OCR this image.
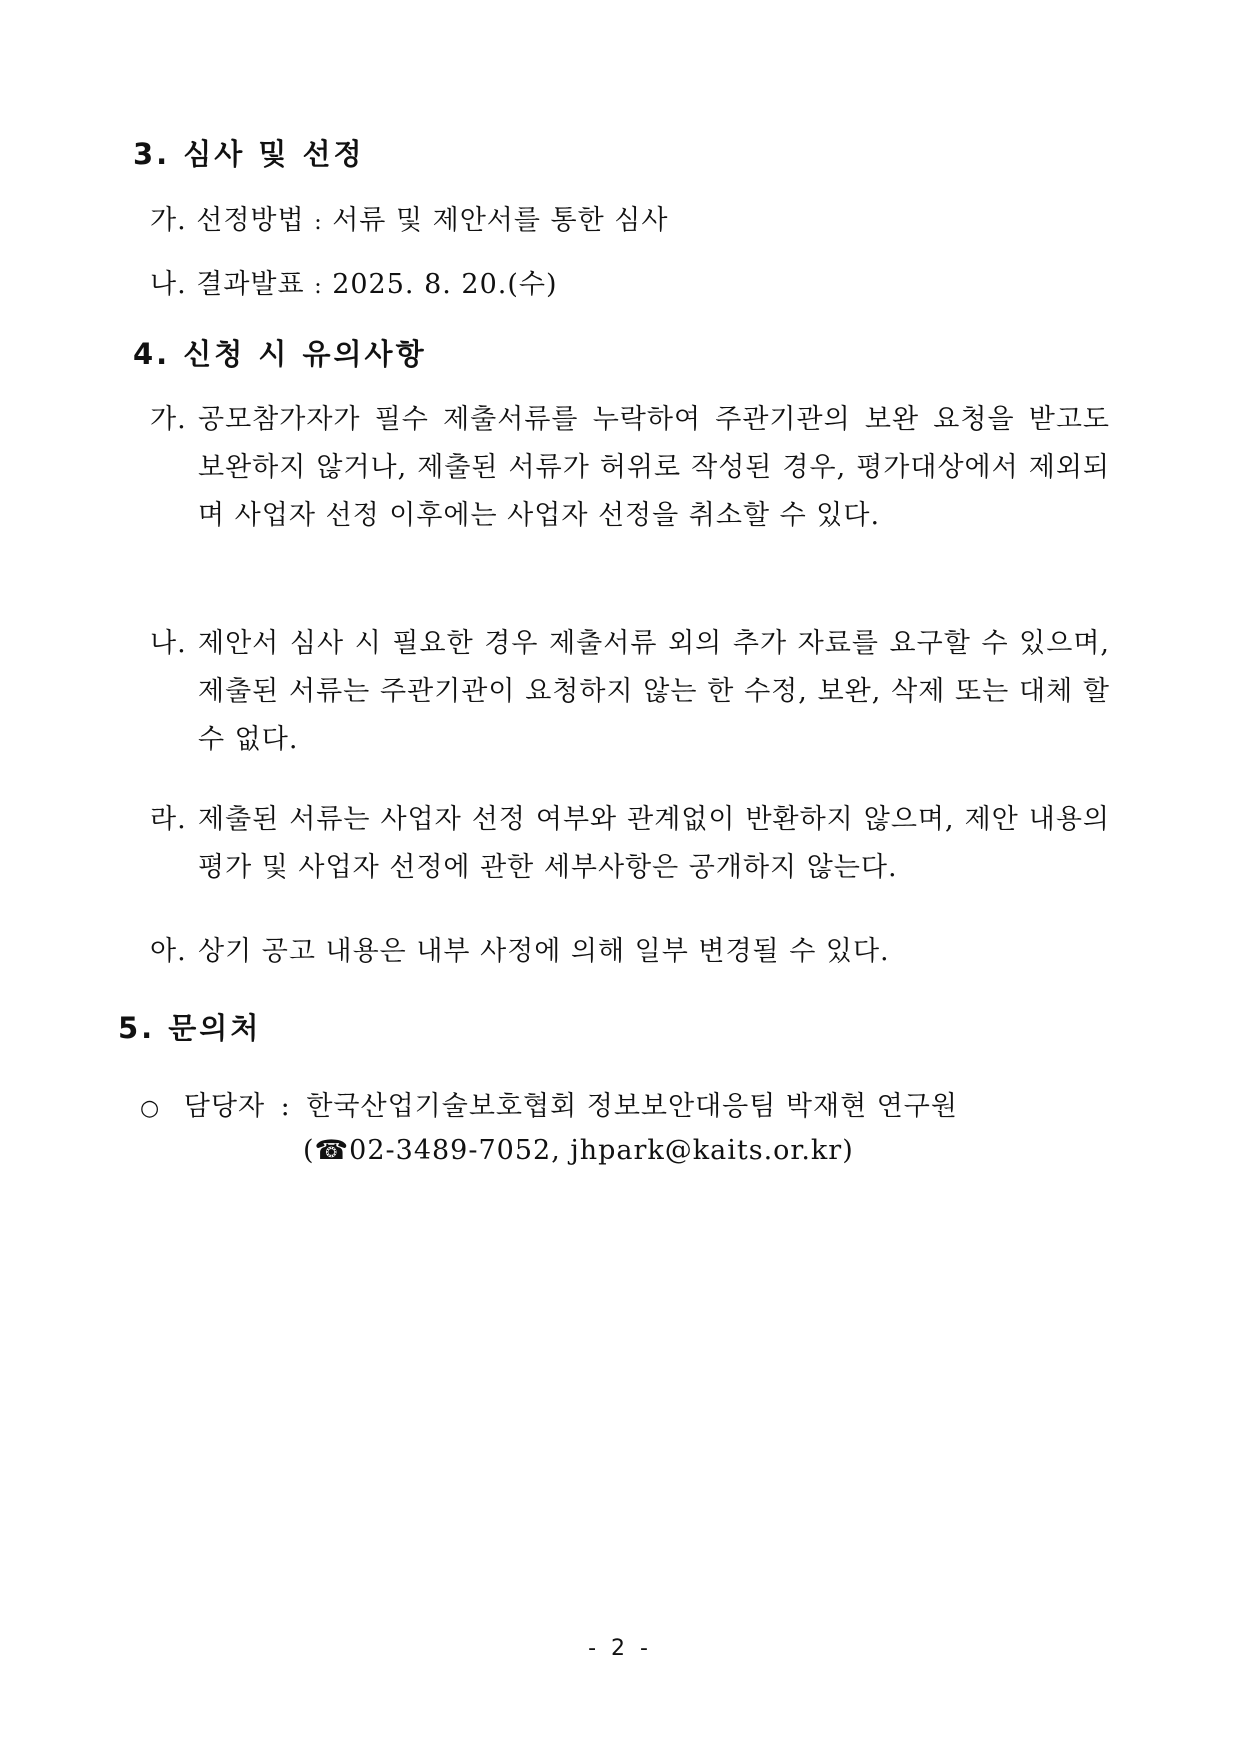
3. 심사 및 선정
가. 선정방법 : 서류 및 제안서를 통한 심사
나. 결과발표 : 2025. 8. 20.(수)
4. 신청 시 유의사항
가. 공모참가자가 필수 제출서류를 누락하여 주관기관의 보완 요청을 받고도 보완하지 않거나, 제출된 서류가 허위로 작성된 경우, 평가대상에서 제외되며 사업자 선정 이후에는 사업자 선정을 취소할 수 있다.
나. 제안서 심사 시 필요한 경우 제출서류 외의 추가 자료를 요구할 수 있으며, 제출된 서류는 주관기관이 요청하지 않는 한 수정, 보완, 삭제 또는 대체 할 수 없다.
라. 제출된 서류는 사업자 선정 여부와 관계없이 반환하지 않으며, 제안 내용의 평가 및 사업자 선정에 관한 세부사항은 공개하지 않는다.
아. 상기 공고 내용은 내부 사정에 의해 일부 변경될 수 있다.
5. 문의처
○ 담당자 : 한국산업기술보호협회 정보보안대응팀 박재현 연구원
(☎02-3489-7052, jhpark@kaits.or.kr)
- 2 -
